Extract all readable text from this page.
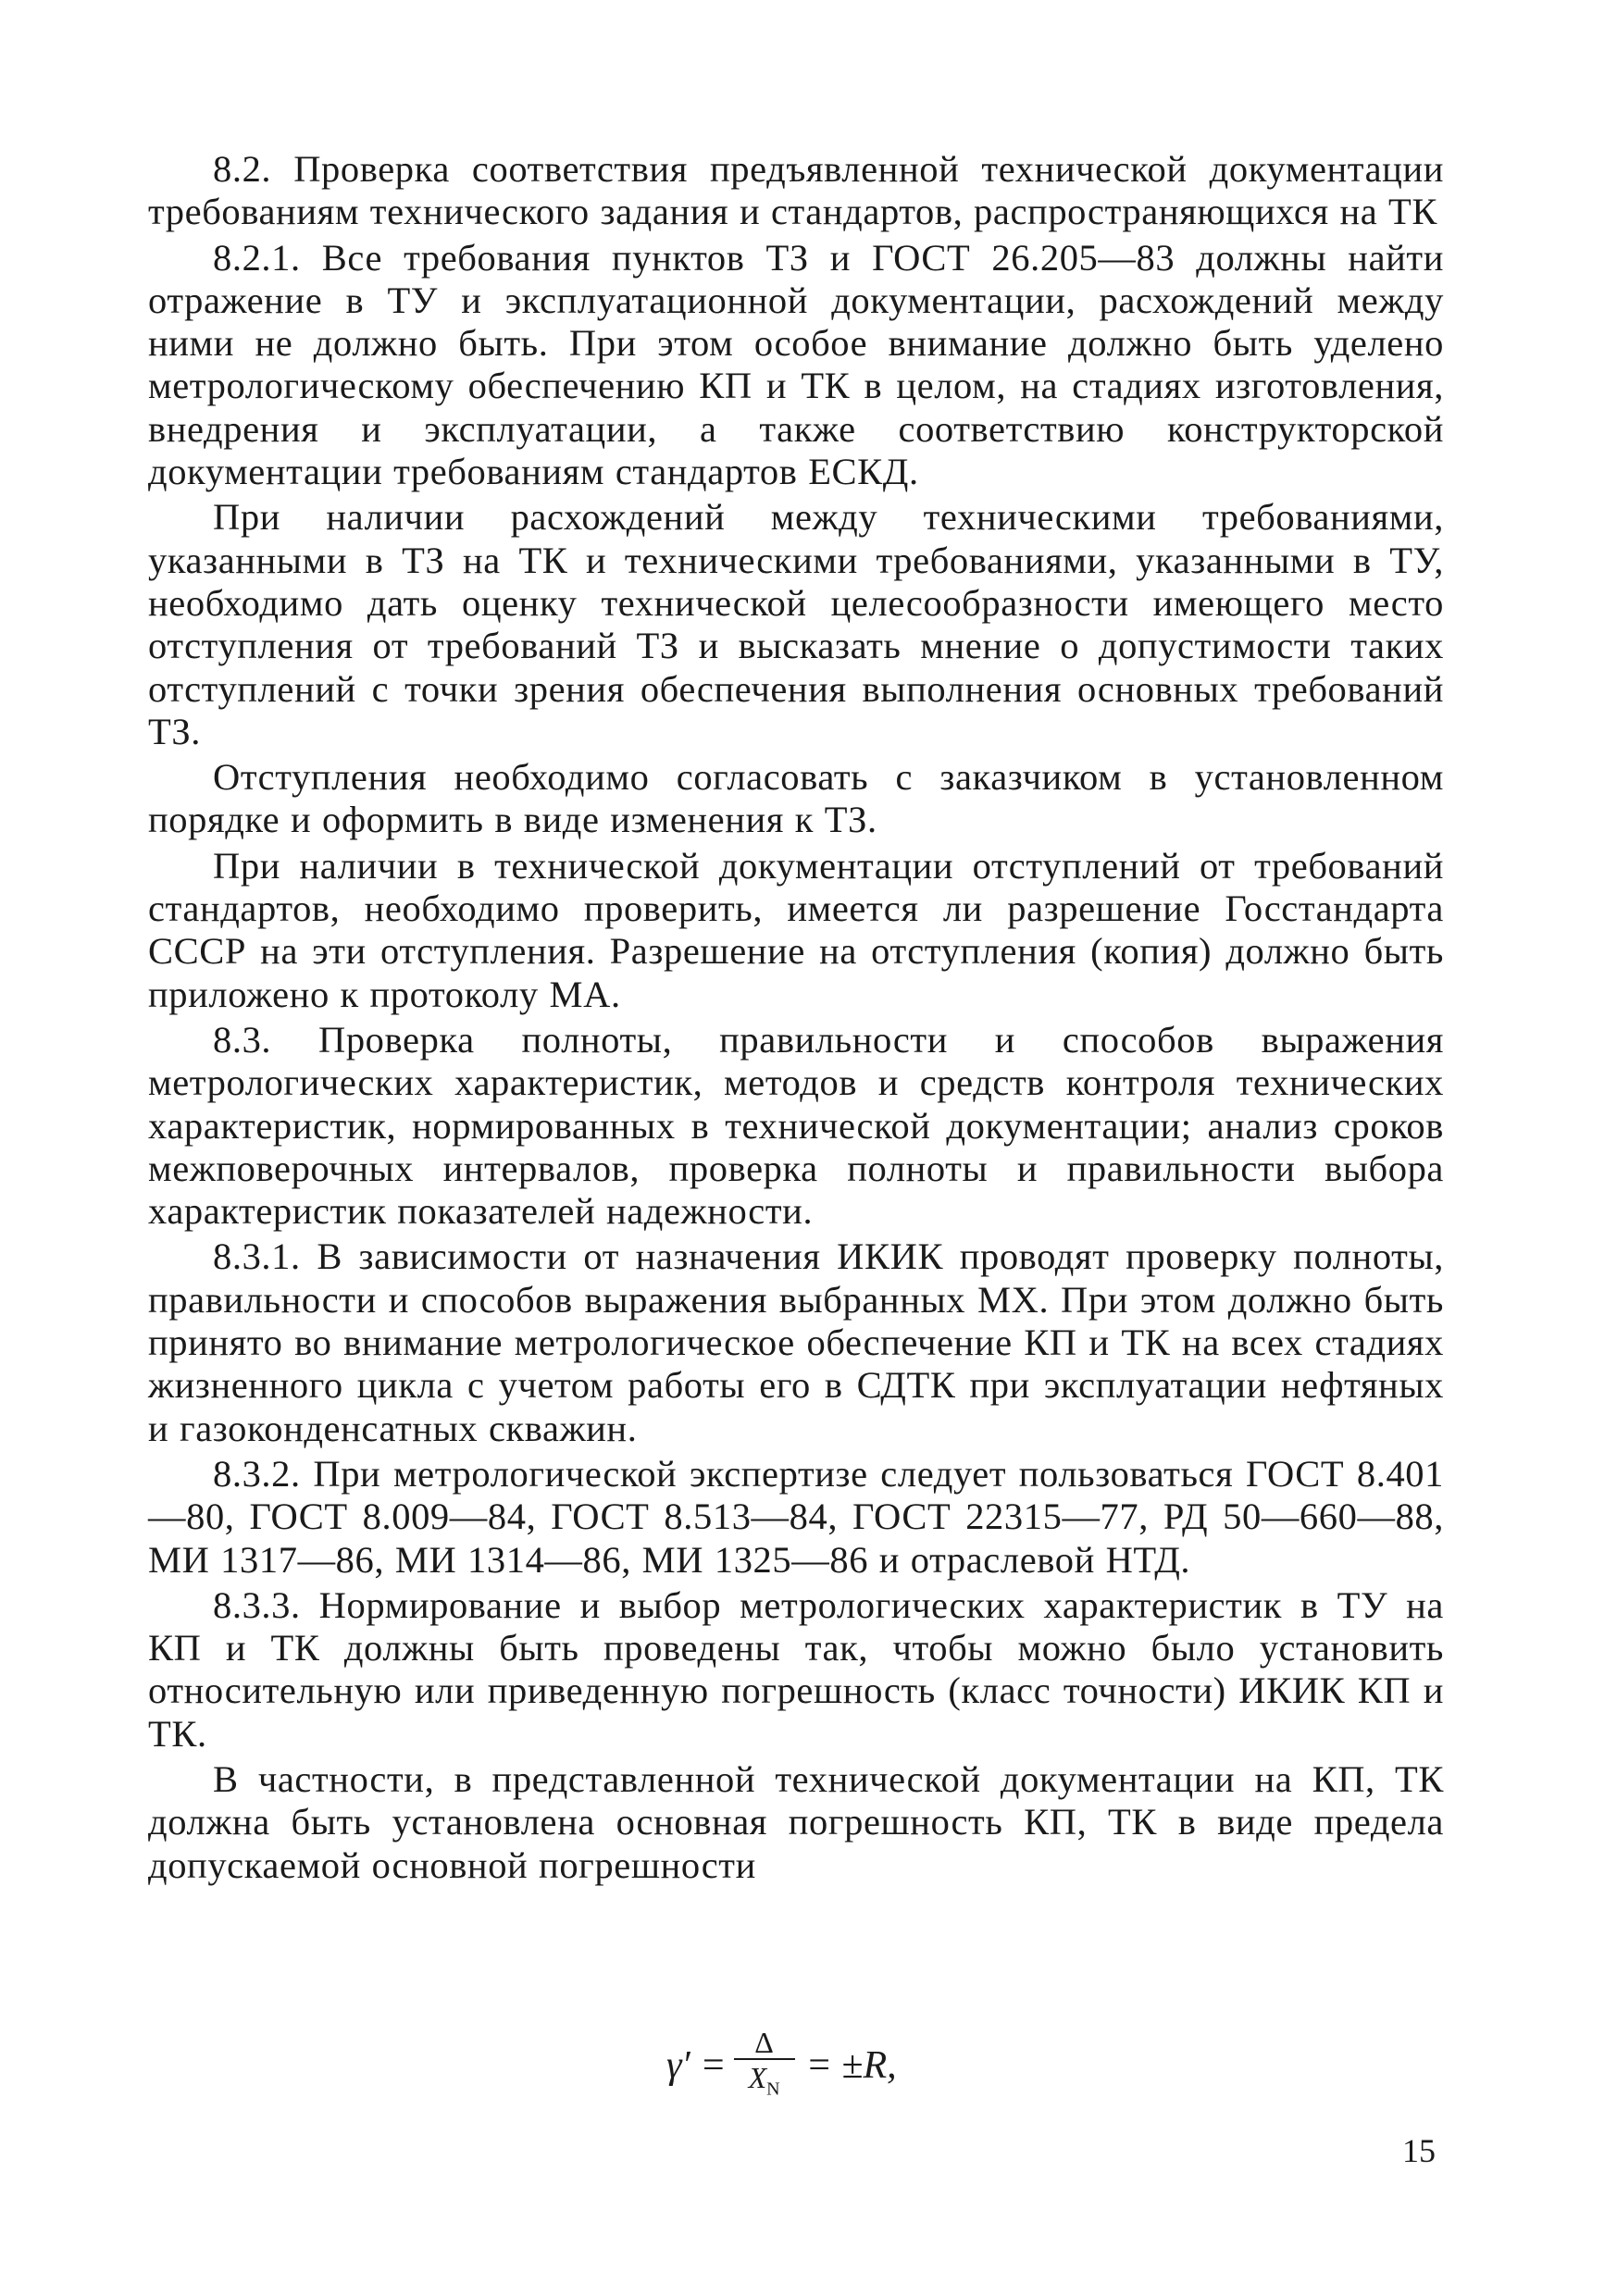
8.2. Проверка соответствия предъявленной технической документации требованиям технического задания и стандартов, распространяющихся на ТК

8.2.1. Все требования пунктов ТЗ и ГОСТ 26.205—83 должны найти отражение в ТУ и эксплуатационной документации, расхождений между ними не должно быть. При этом особое внимание должно быть уделено метрологическому обеспечению КП и ТК в целом, на стадиях изготовления, внедрения и эксплуатации, а также соответствию конструкторской документации требованиям стандартов ЕСКД.

При наличии расхождений между техническими требованиями, указанными в ТЗ на ТК и техническими требованиями, указанными в ТУ, необходимо дать оценку технической целесообразности имеющего место отступления от требований ТЗ и высказать мнение о допустимости таких отступлений с точки зрения обеспечения выполнения основных требований ТЗ.

Отступления необходимо согласовать с заказчиком в установленном порядке и оформить в виде изменения к ТЗ.

При наличии в технической документации отступлений от требований стандартов, необходимо проверить, имеется ли разрешение Госстандарта СССР на эти отступления. Разрешение на отступления (копия) должно быть приложено к протоколу МА.

8.3. Проверка полноты, правильности и способов выражения метрологических характеристик, методов и средств контроля технических характеристик, нормированных в технической документации; анализ сроков межповерочных интервалов, проверка полноты и правильности выбора характеристик показателей надежности.

8.3.1. В зависимости от назначения ИКИК проводят проверку полноты, правильности и способов выражения выбранных МХ. При этом должно быть принято во внимание метрологическое обеспечение КП и ТК на всех стадиях жизненного цикла с учетом работы его в СДТК при эксплуатации нефтяных и газоконденсатных скважин.

8.3.2. При метрологической экспертизе следует пользоваться ГОСТ 8.401—80, ГОСТ 8.009—84, ГОСТ 8.513—84, ГОСТ 22315—77, РД 50—660—88, МИ 1317—86, МИ 1314—86, МИ 1325—86 и отраслевой НТД.

8.3.3. Нормирование и выбор метрологических характеристик в ТУ на КП и ТК должны быть проведены так, чтобы можно было установить относительную или приведенную погрешность (класс точности) ИКИК КП и ТК.

В частности, в представленной технической документации на КП, ТК должна быть установлена основная погрешность КП, ТК в виде предела допускаемой основной погрешности

$\gamma' = \frac{\Delta}{X_N} = \pm R$,
15
